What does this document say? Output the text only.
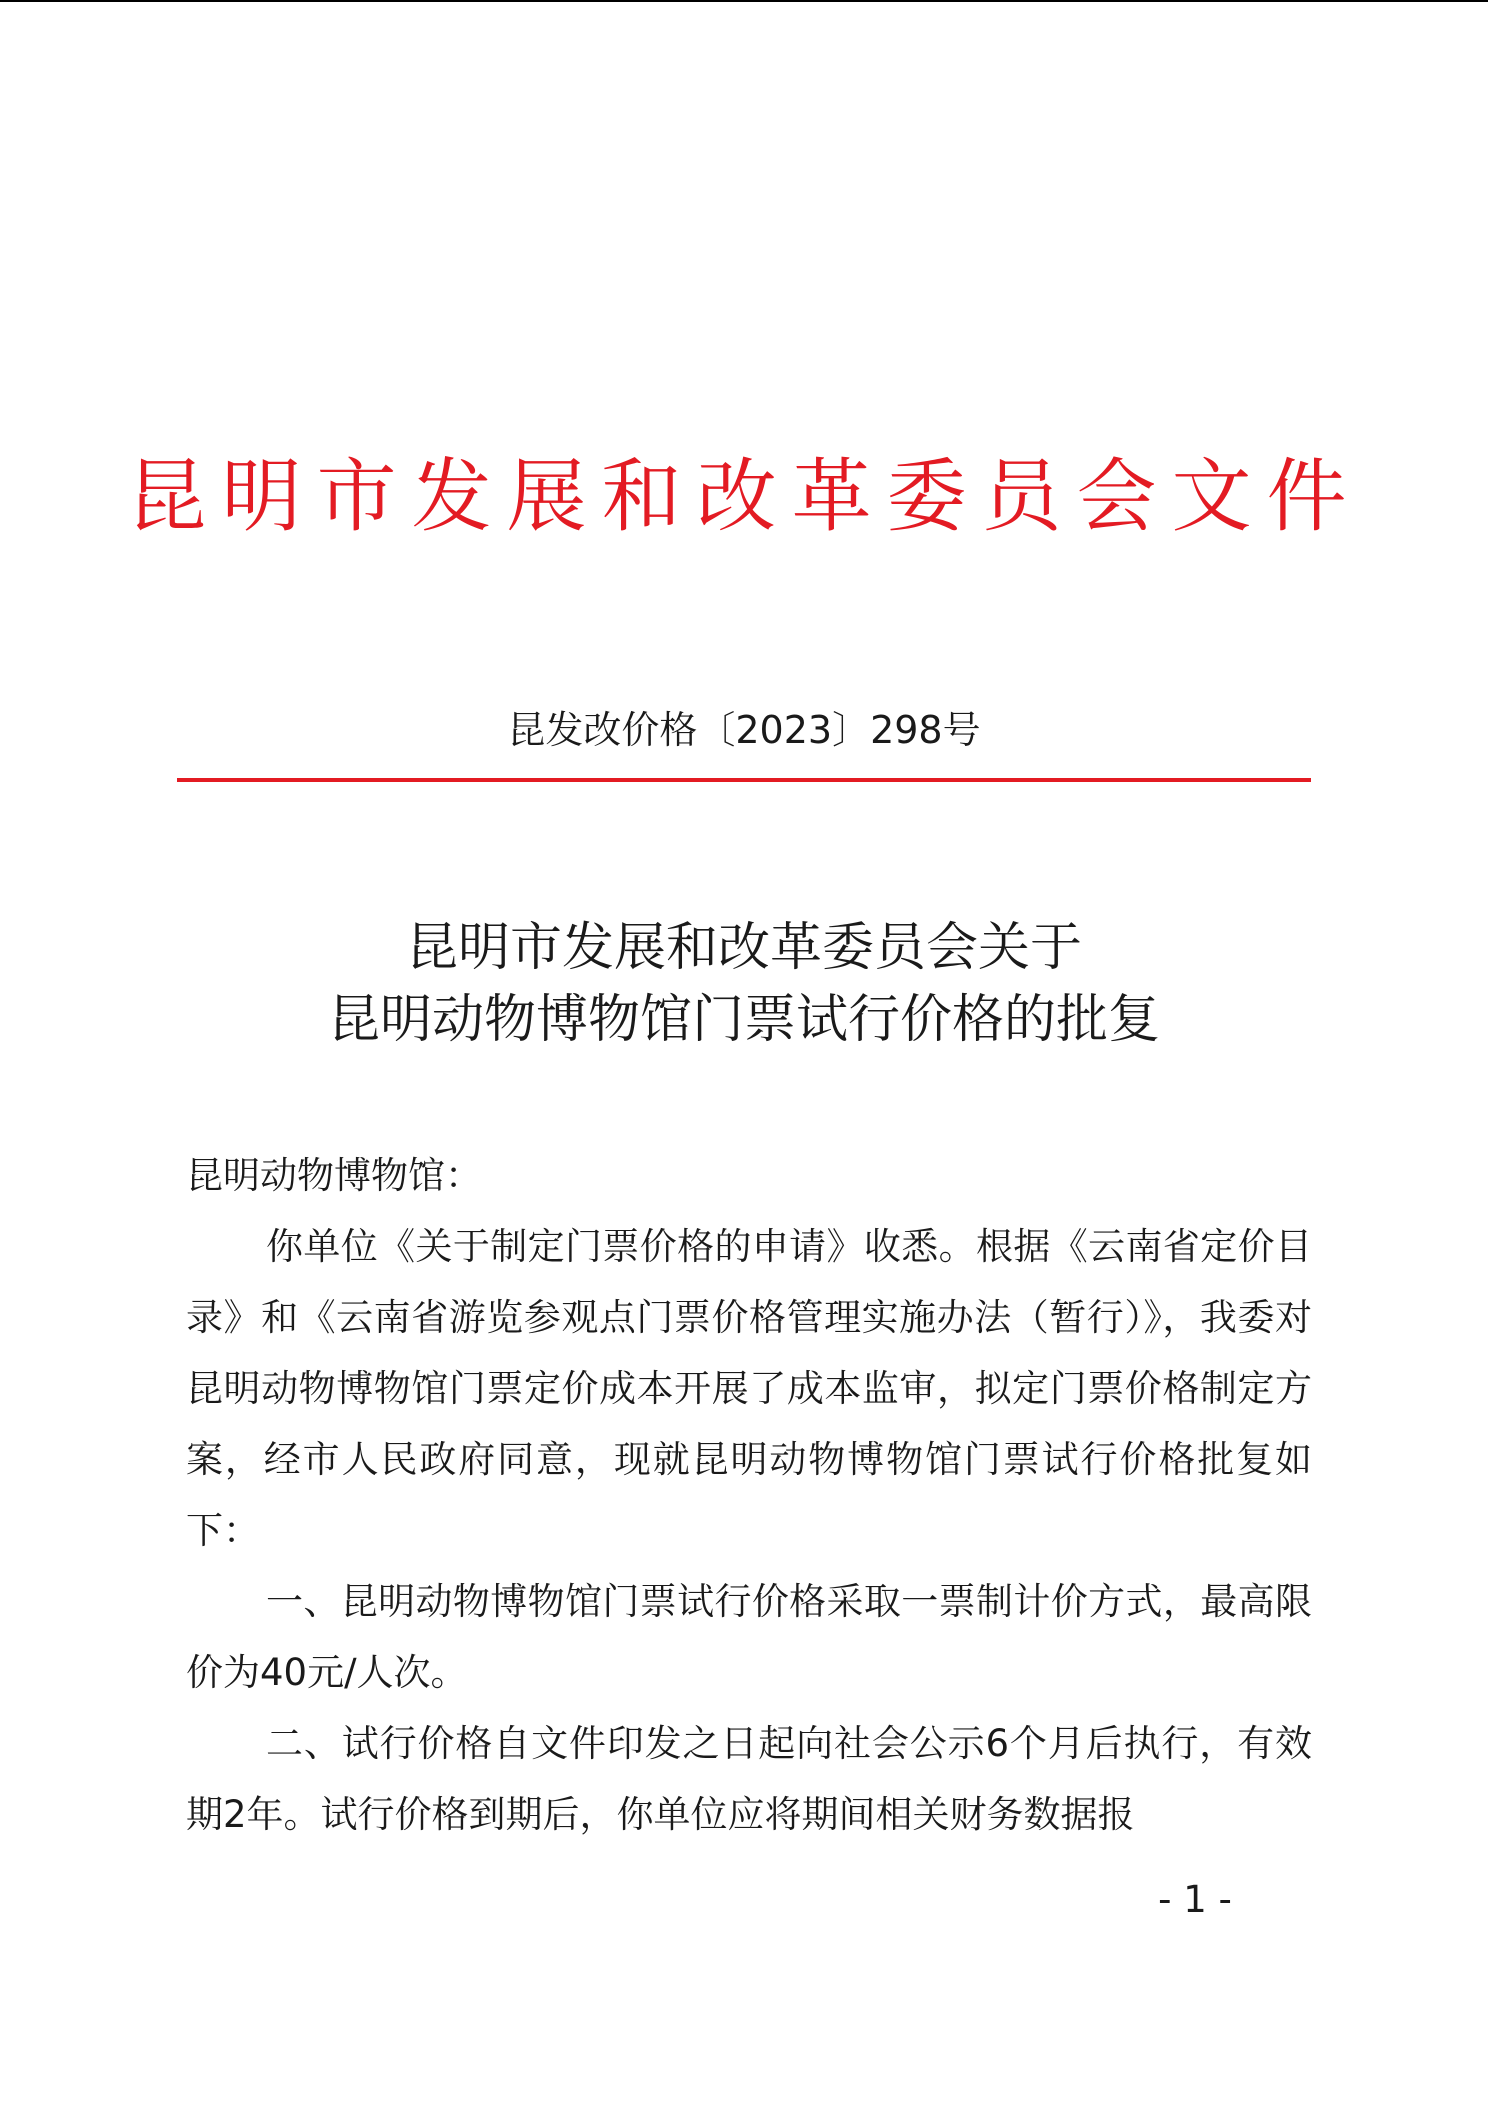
昆明市发展和改革委员会文件
昆发改价格〔2023〕298号
昆明市发展和改革委员会关于
昆明动物博物馆门票试行价格的批复

昆明动物博物馆：

你单位《关于制定门票价格的申请》收悉。根据《云南省定价目录》和《云南省游览参观点门票价格管理实施办法（暂行）》，我委对昆明动物博物馆门票定价成本开展了成本监审，拟定门票价格制定方案，经市人民政府同意，现就昆明动物博物馆门票试行价格批复如下：

一、昆明动物博物馆门票试行价格采取一票制计价方式，最高限价为40元/人次。

二、试行价格自文件印发之日起向社会公示6个月后执行，有效期2年。试行价格到期后，你单位应将期间相关财务数据报

- 1 -
